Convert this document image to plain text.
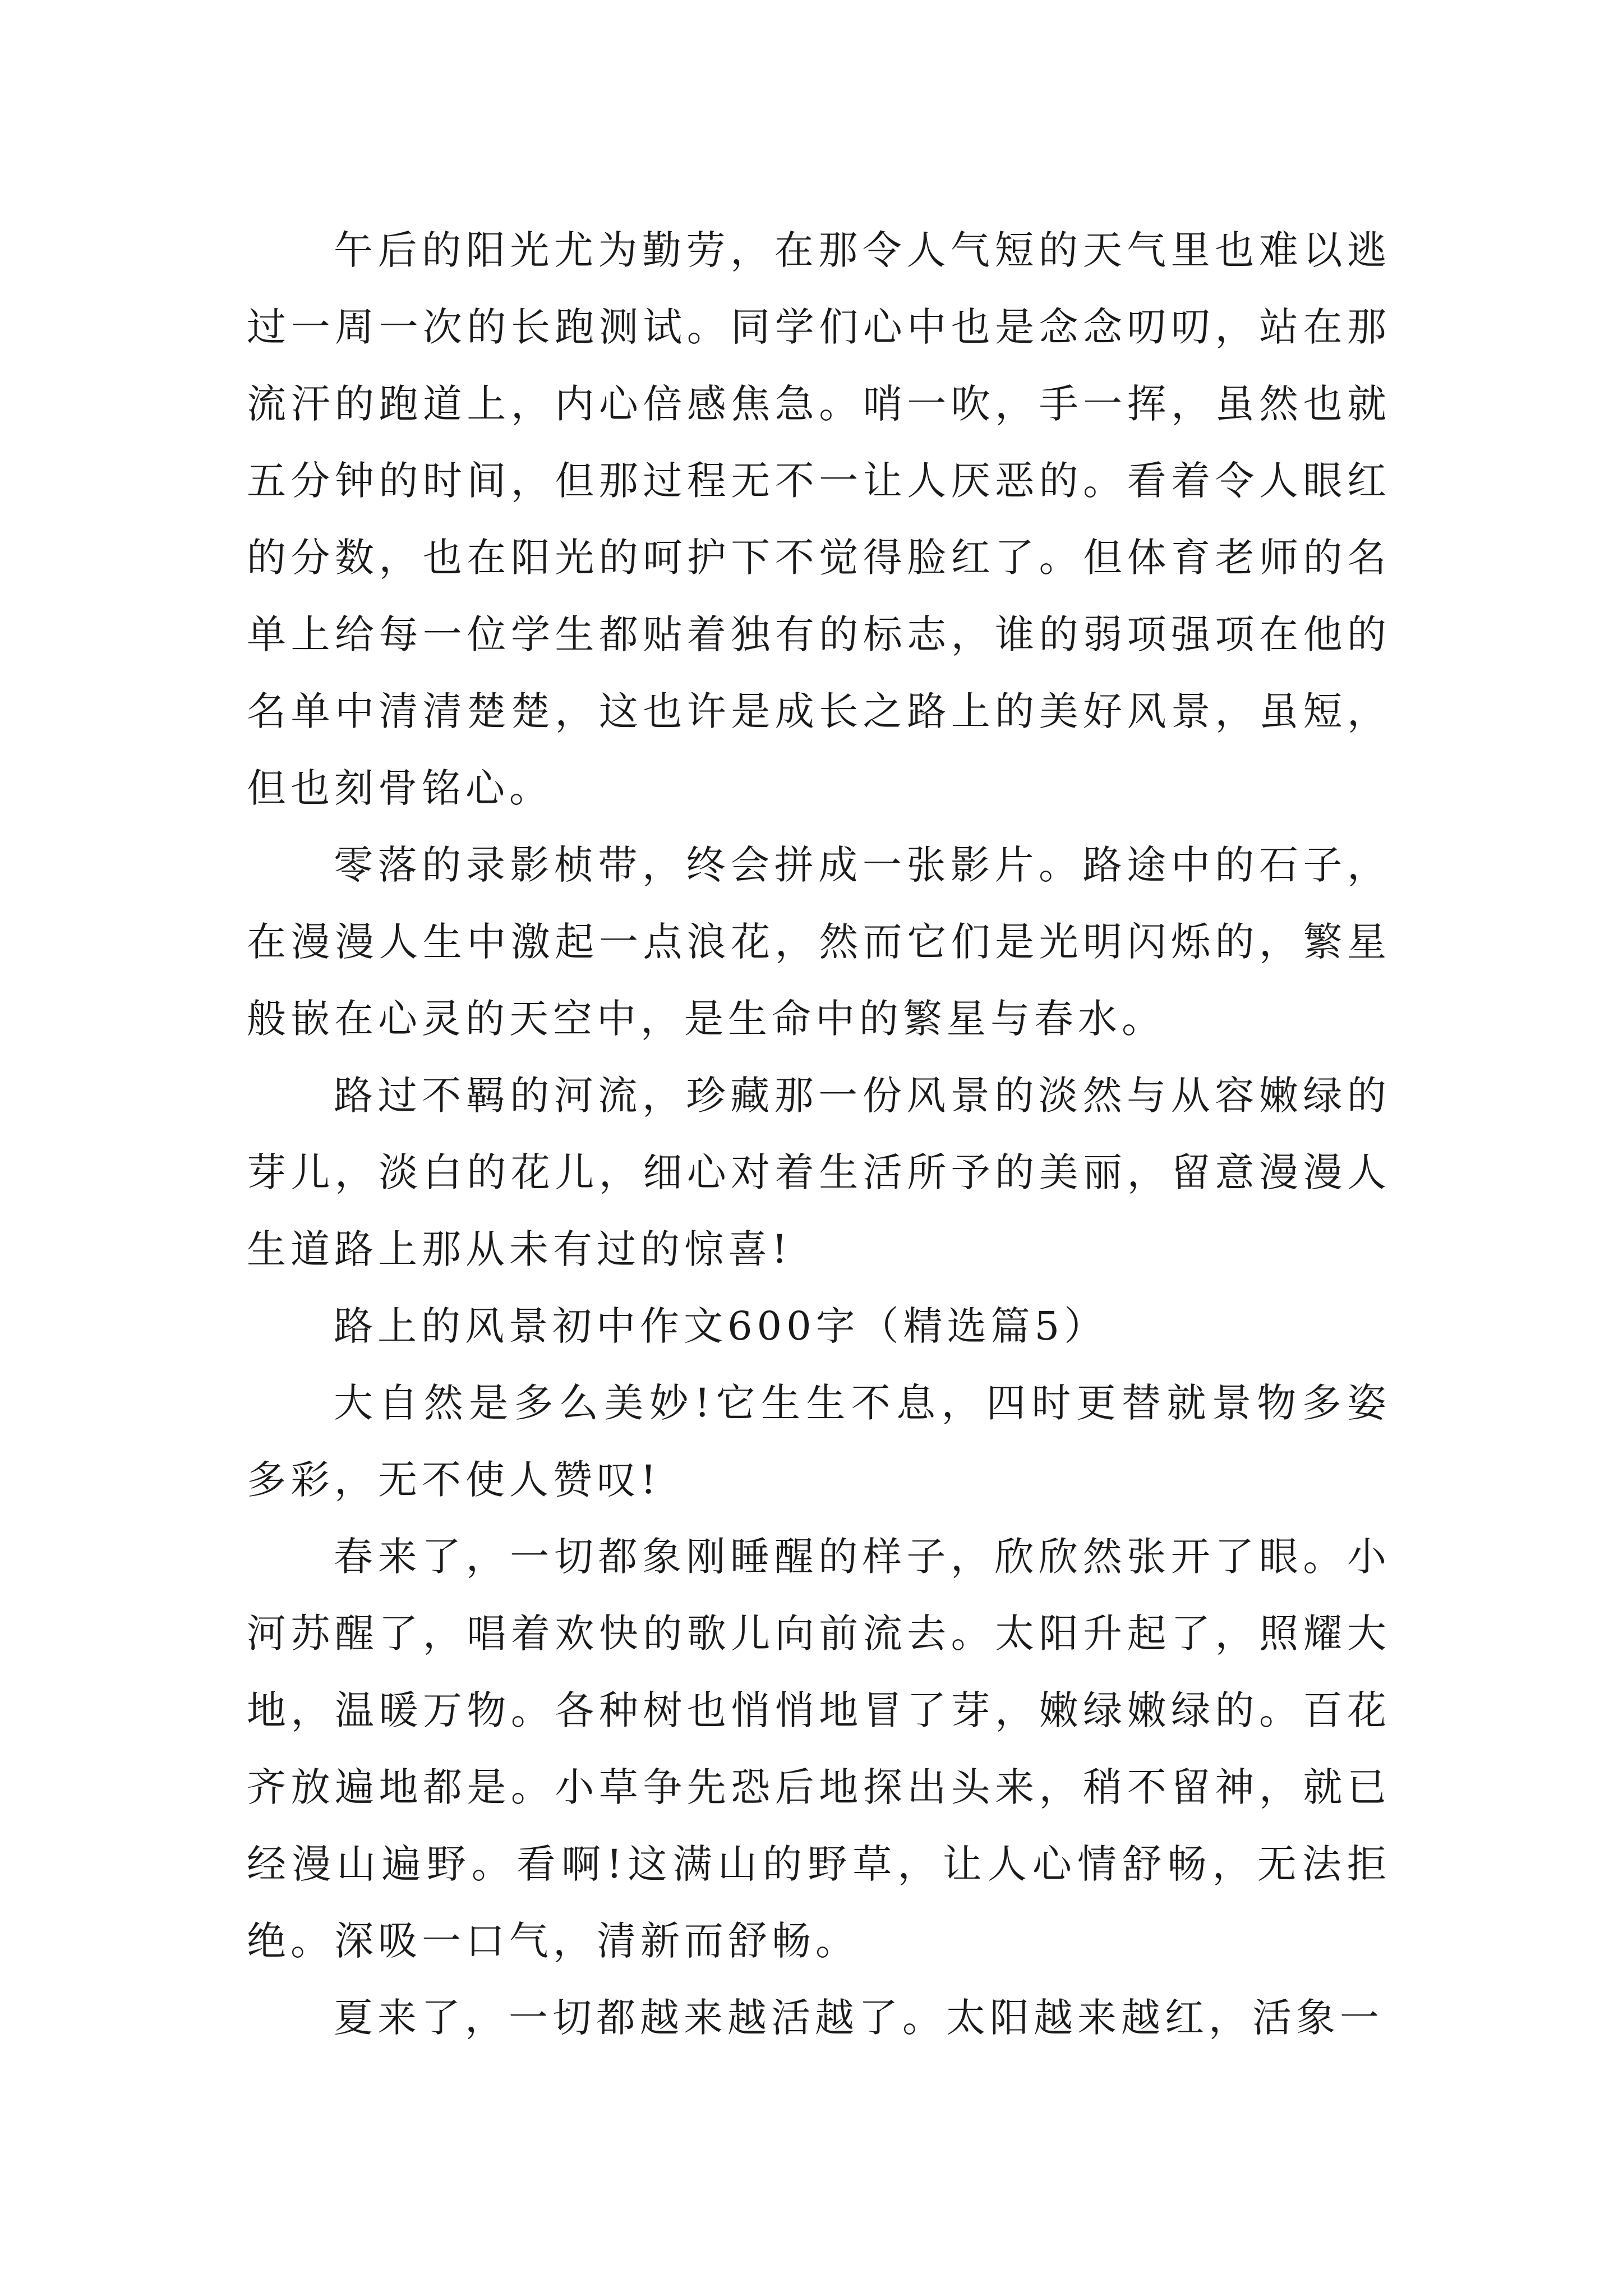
午后的阳光尤为勤劳，在那令人气短的天气里也难以逃过一周一次的长跑测试。同学们心中也是念念叨叨，站在那流汗的跑道上，内心倍感焦急。哨一吹，手一挥，虽然也就五分钟的时间，但那过程无不一让人厌恶的。看着令人眼红的分数，也在阳光的呵护下不觉得脸红了。但体育老师的名单上给每一位学生都贴着独有的标志，谁的弱项强项在他的名单中清清楚楚，这也许是成长之路上的美好风景，虽短，但也刻骨铭心。

零落的录影桢带，终会拼成一张影片。路途中的石子，在漫漫人生中激起一点浪花，然而它们是光明闪烁的，繁星般嵌在心灵的天空中，是生命中的繁星与春水。

路过不羁的河流，珍藏那一份风景的淡然与从容嫩绿的芽儿，淡白的花儿，细心对着生活所予的美丽，留意漫漫人生道路上那从未有过的惊喜!

路上的风景初中作文600字（精选篇5）

大自然是多么美妙!它生生不息，四时更替就景物多姿多彩，无不使人赞叹!

春来了，一切都象刚睡醒的样子，欣欣然张开了眼。小河苏醒了，唱着欢快的歌儿向前流去。太阳升起了，照耀大地，温暖万物。各种树也悄悄地冒了芽，嫩绿嫩绿的。百花齐放遍地都是。小草争先恐后地探出头来，稍不留神，就已经漫山遍野。看啊!这满山的野草，让人心情舒畅，无法拒绝。深吸一口气，清新而舒畅。

夏来了，一切都越来越活越了。太阳越来越红，活象一
